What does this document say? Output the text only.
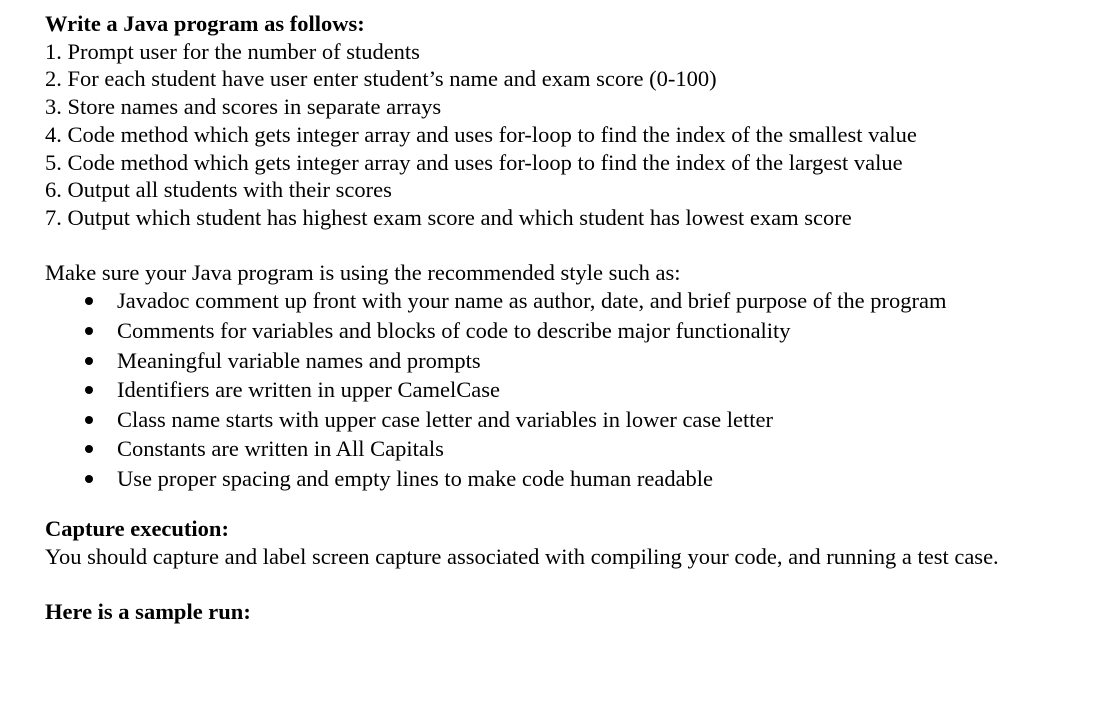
Write a Java program as follows:

1. Prompt user for the number of students

2. For each student have user enter student’s name and exam score (0-100)

3. Store names and scores in separate arrays

4. Code method which gets integer array and uses for-loop to find the index of the smallest value

5. Code method which gets integer array and uses for-loop to find the index of the largest value

6. Output all students with their scores

7. Output which student has highest exam score and which student has lowest exam score

Make sure your Java program is using the recommended style such as:

Javadoc comment up front with your name as author, date, and brief purpose of the program
Comments for variables and blocks of code to describe major functionality
Meaningful variable names and prompts
Identifiers are written in upper CamelCase
Class name starts with upper case letter and variables in lower case letter
Constants are written in All Capitals
Use proper spacing and empty lines to make code human readable

Capture execution:

You should capture and label screen capture associated with compiling your code, and running a test case.

Here is a sample run:
